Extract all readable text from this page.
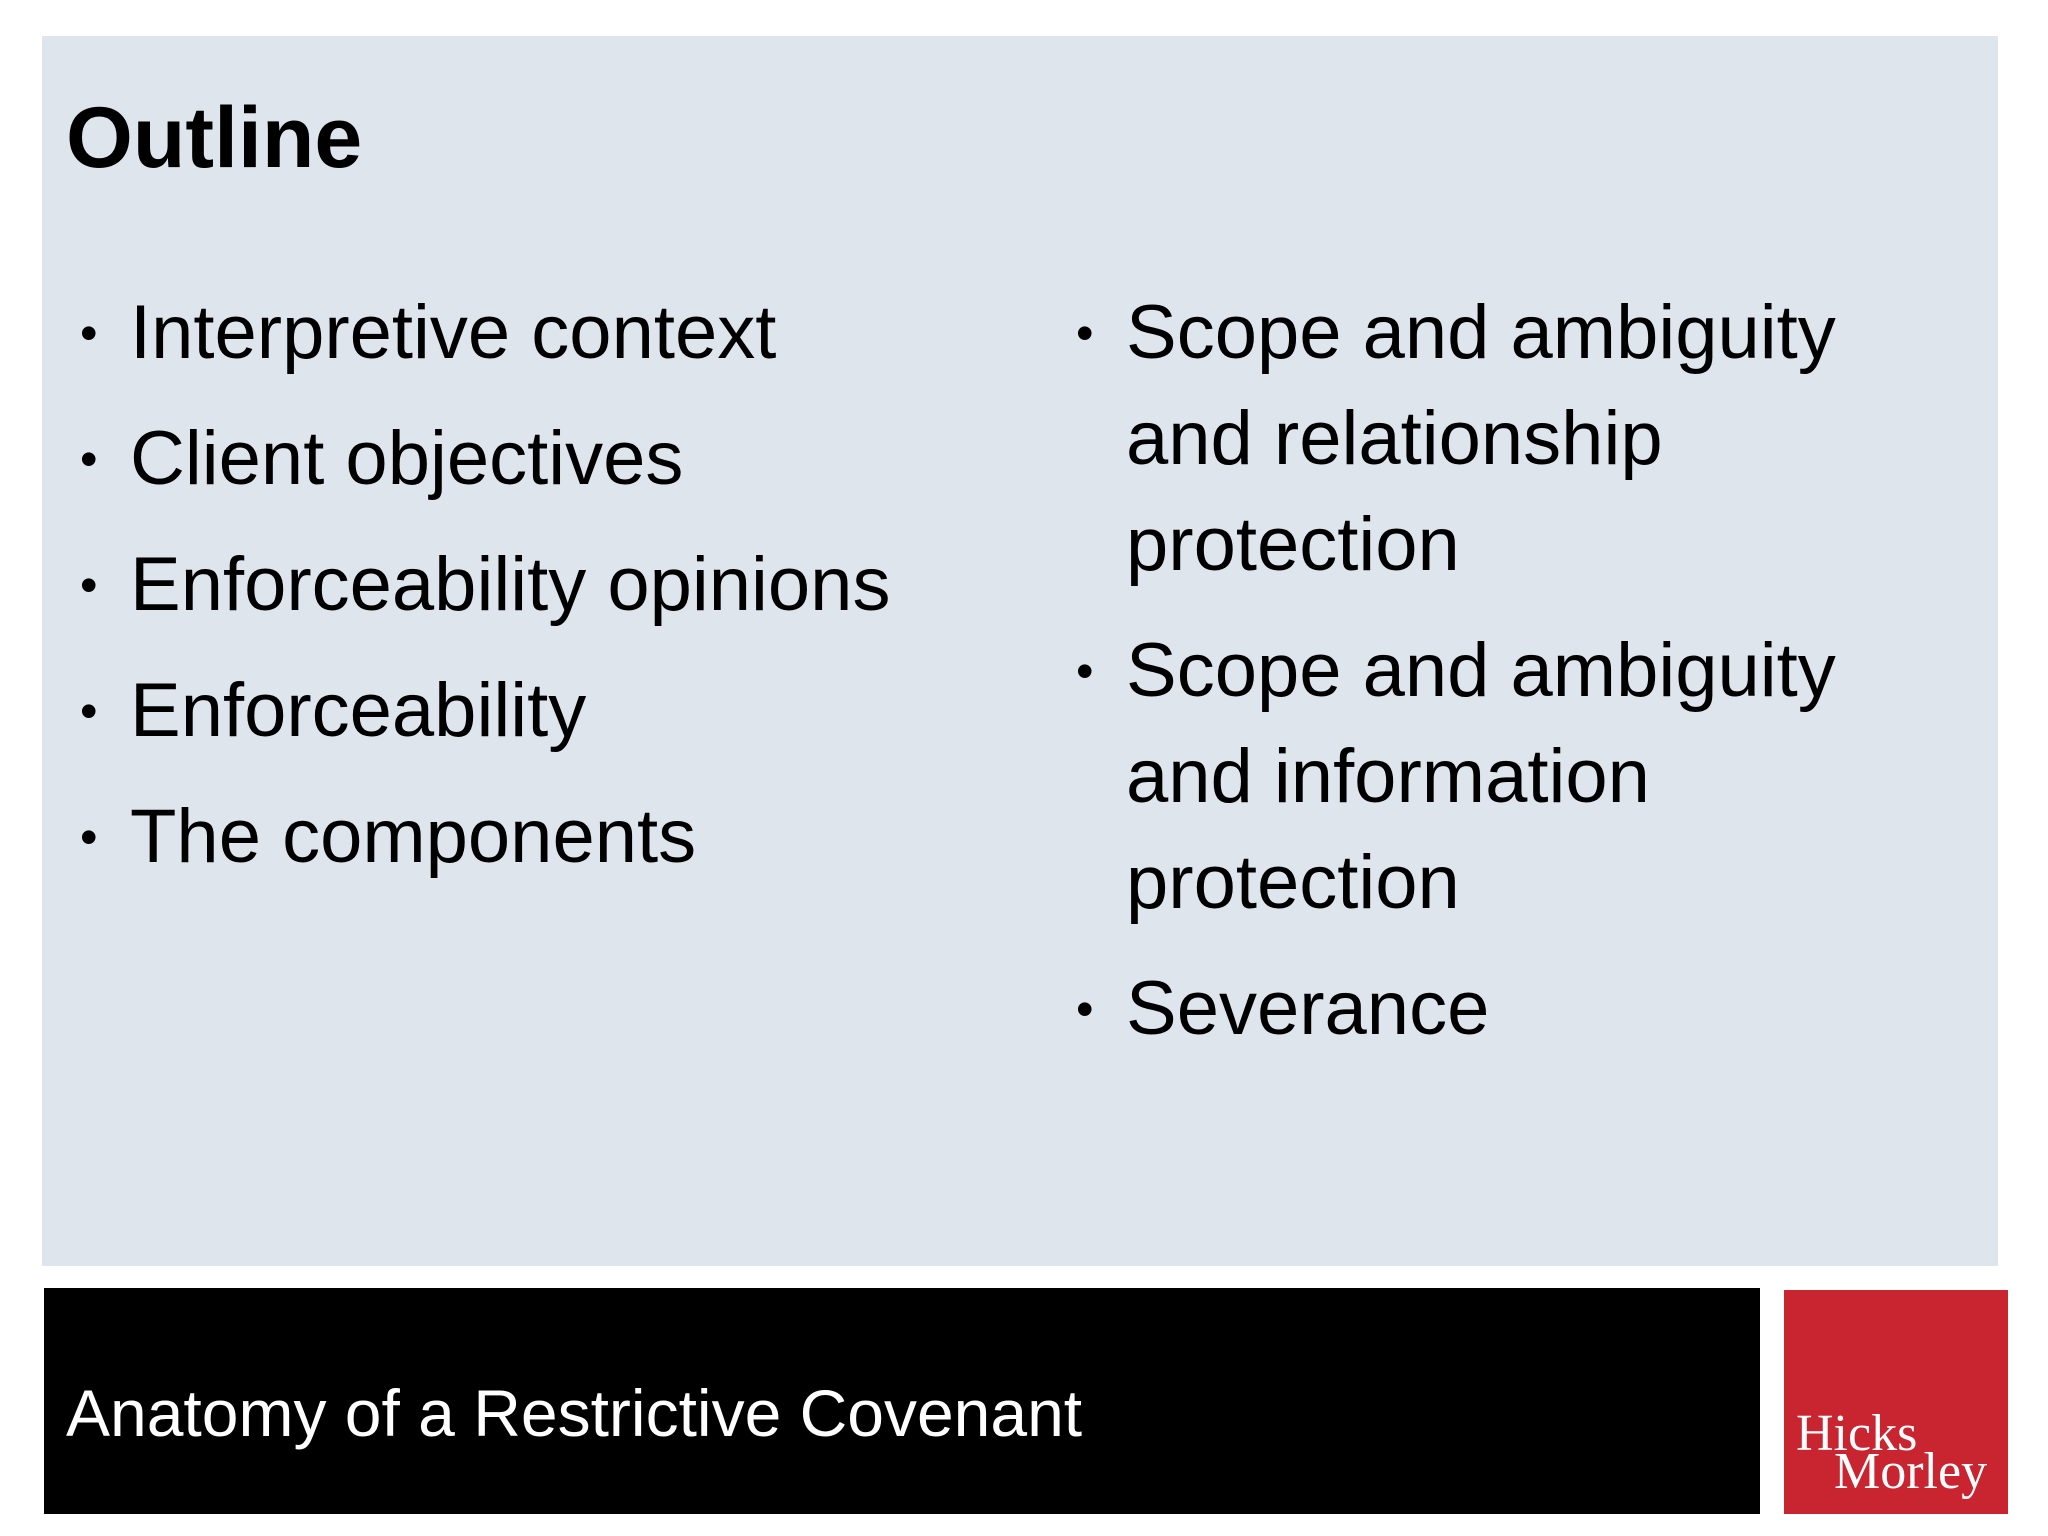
Outline
• Interpretive context
• Client objectives
• Enforceability opinions
• Enforceability
• The components
• Scope and ambiguity and relationship protection
• Scope and ambiguity and information protection
• Severance
Anatomy of a Restrictive Covenant	Hicks
Morley
